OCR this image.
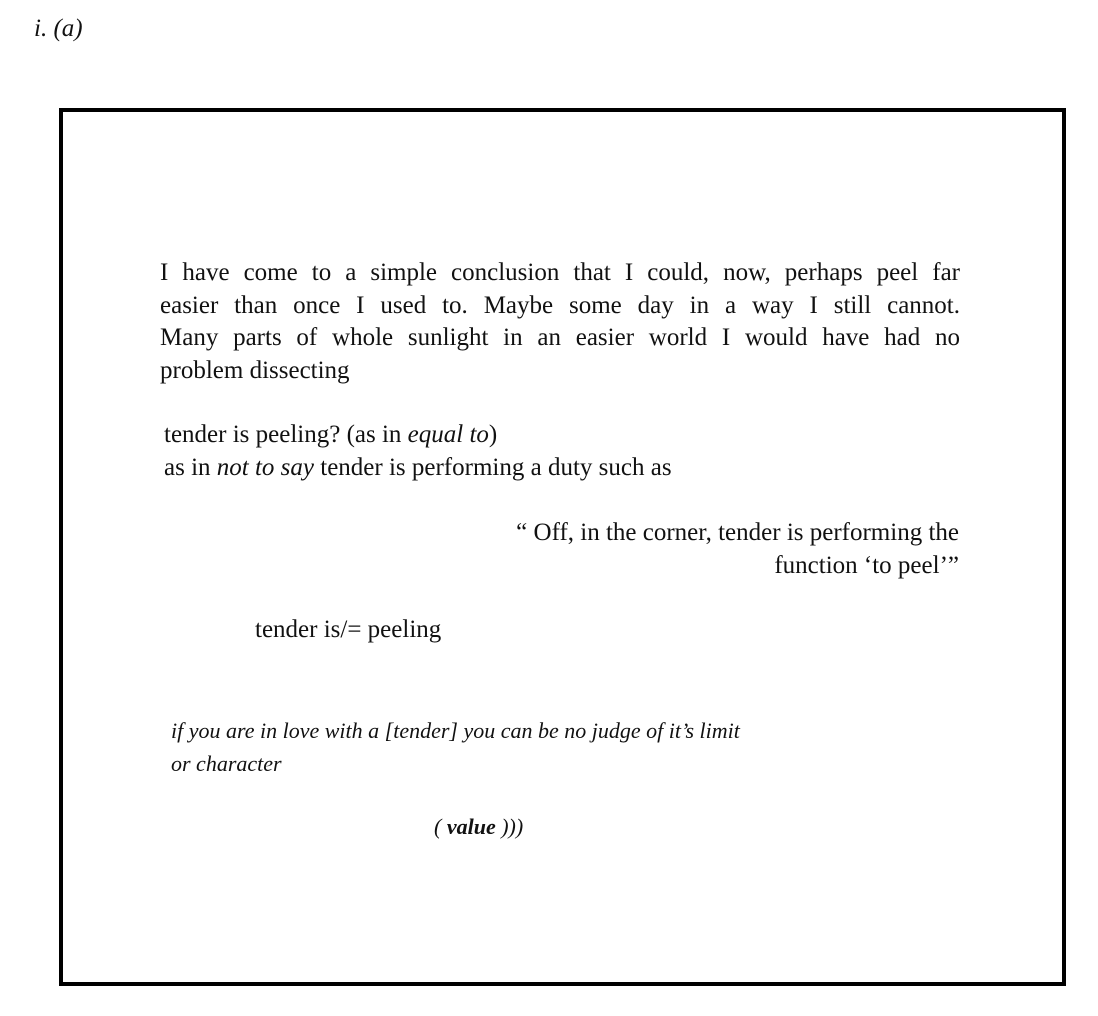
i. (a)
I have come to a simple conclusion that I could, now, perhaps peel far
easier than once I used to. Maybe some day in a way I still cannot.
Many parts of whole sunlight in an easier world I would have had no
problem dissecting
tender is peeling? (as in equal to)
as in not to say tender is performing a duty such as
“ Off, in the corner, tender is performing the
function ‘to peel’”
tender is/= peeling
if you are in love with a [tender] you can be no judge of it’s limit
or character
( value )))
